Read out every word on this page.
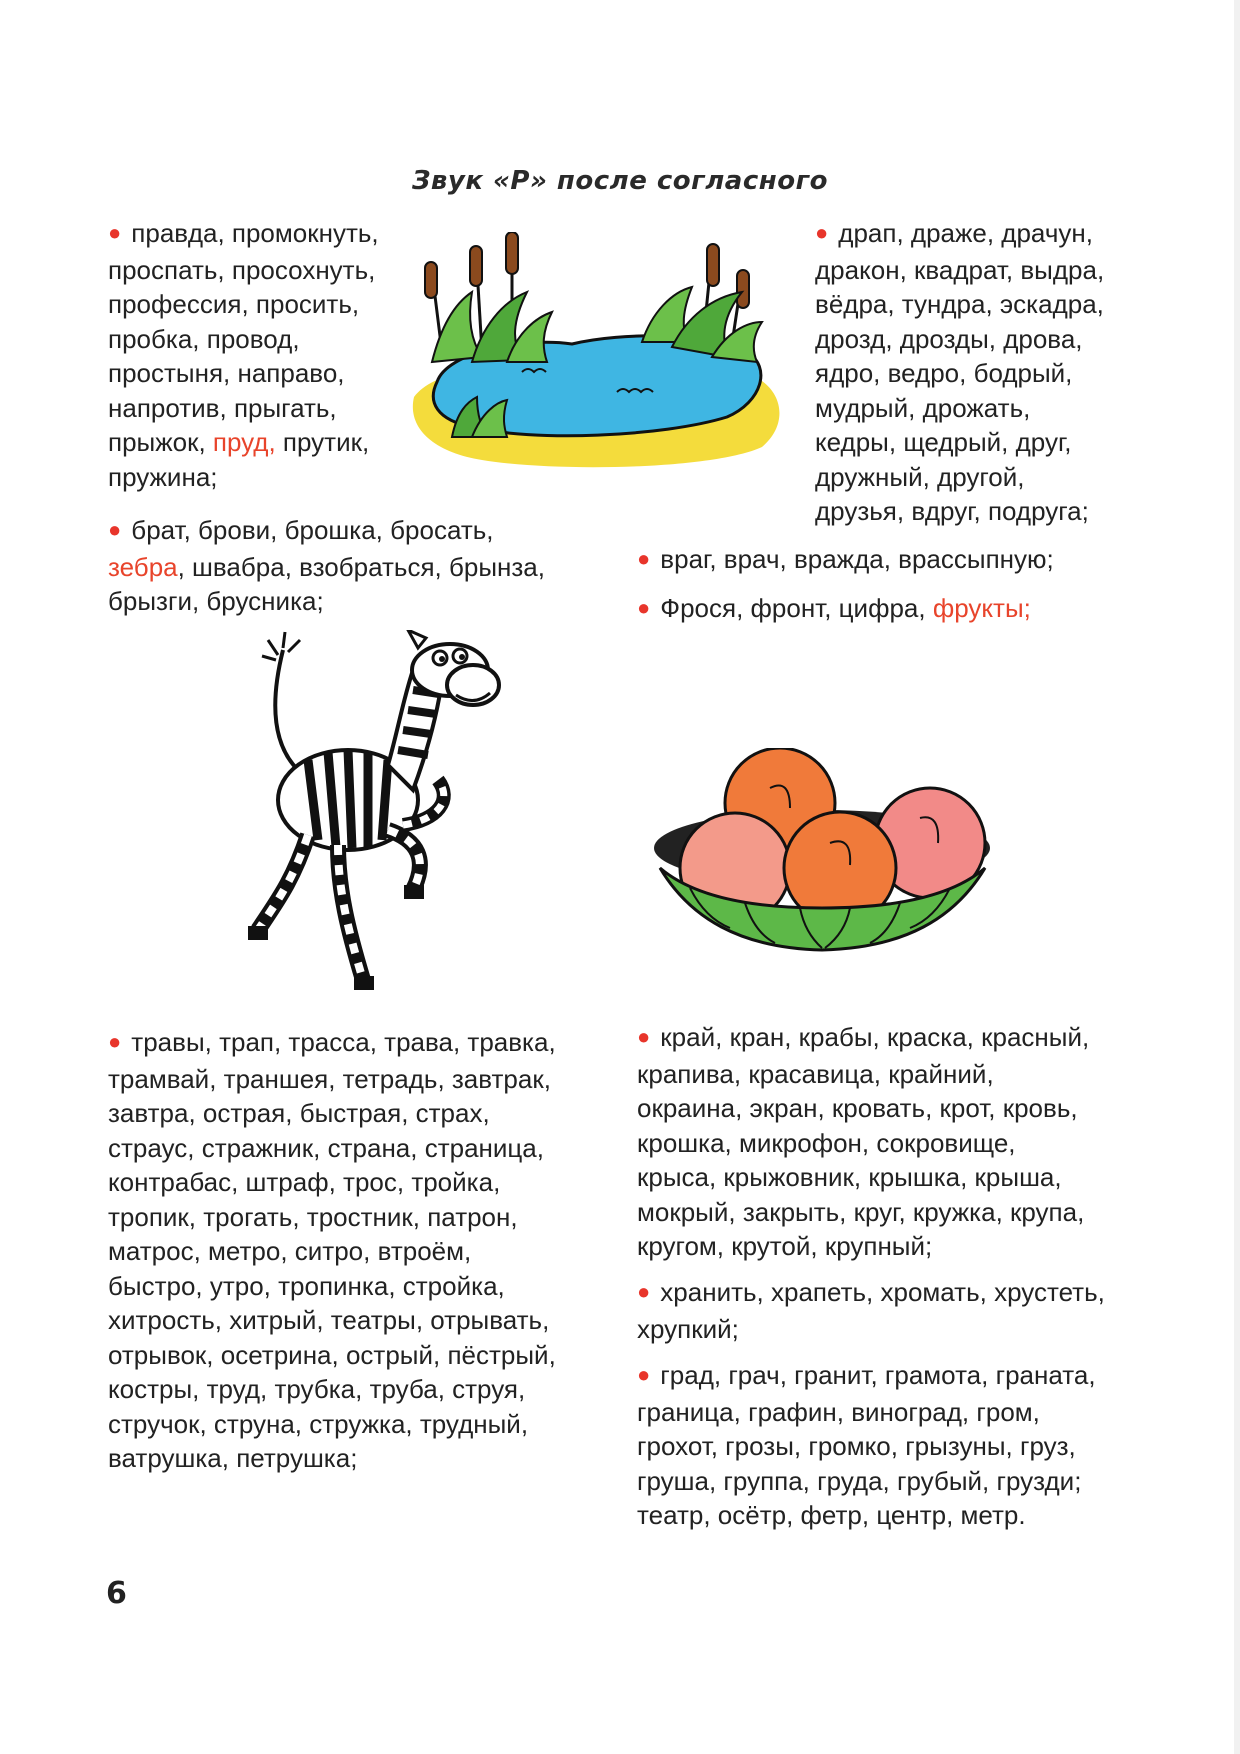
Звук «Р» после согласного

● правда, промокнуть,

проспать, просохнуть,

профессия, просить,

пробка, провод,

простыня, направо,

напротив, прыгать,

прыжок, пруд, прутик,

пружина;

● драп, драже, драчун,

дракон, квадрат, выдра,

вёдра, тундра, эскадра,

дрозд, дрозды, дрова,

ядро, ведро, бодрый,

мудрый, дрожать,

кедры, щедрый, друг,

дружный, другой,

друзья, вдруг, подруга;

● брат, брови, брошка, бросать,

зебра, швабра, взобраться, брынза,

брызги, брусника;

● враг, врач, вражда, врассыпную;

● Фрося, фронт, цифра, фрукты;

● травы, трап, трасса, трава, травка,

трамвай, траншея, тетрадь, завтрак,

завтра, острая, быстрая, страх,

страус, стражник, страна, страница,

контрабас, штраф, трос, тройка,

тропик, трогать, тростник, патрон,

матрос, метро, ситро, втроём,

быстро, утро, тропинка, стройка,

хитрость, хитрый, театры, отрывать,

отрывок, осетрина, острый, пёстрый,

костры, труд, трубка, труба, струя,

стручок, струна, стружка, трудный,

ватрушка, петрушка;

● край, кран, крабы, краска, красный,

крапива, красавица, крайний,

окраина, экран, кровать, крот, кровь,

крошка, микрофон, сокровище,

крыса, крыжовник, крышка, крыша,

мокрый, закрыть, круг, кружка, крупа,

кругом, крутой, крупный;

● хранить, храпеть, хромать, хрустеть,

хрупкий;

● град, грач, гранит, грамота, граната,

граница, графин, виноград, гром,

грохот, грозы, громко, грызуны, груз,

груша, группа, груда, грубый, грузди;

театр, осётр, фетр, центр, метр.

6
